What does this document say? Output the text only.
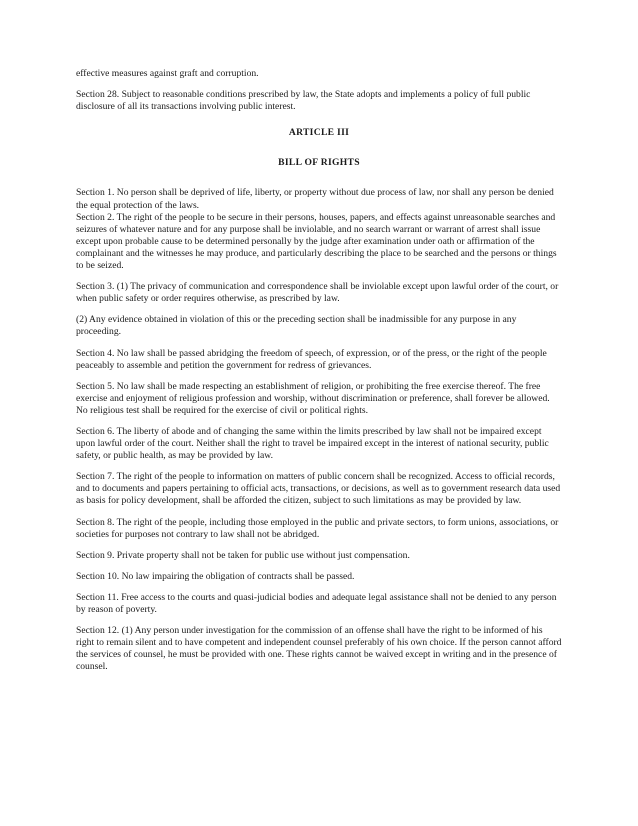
effective measures against graft and corruption.

Section 28. Subject to reasonable conditions prescribed by law, the State adopts and implements a policy of full public disclosure of all its transactions involving public interest.

ARTICLE III
BILL OF RIGHTS

Section 1. No person shall be deprived of life, liberty, or property without due process of law, nor shall any person be denied the equal protection of the laws.

Section 2. The right of the people to be secure in their persons, houses, papers, and effects against unreasonable searches and seizures of whatever nature and for any purpose shall be inviolable, and no search warrant or warrant of arrest shall issue except upon probable cause to be determined personally by the judge after examination under oath or affirmation of the complainant and the witnesses he may produce, and particularly describing the place to be searched and the persons or things to be seized.

Section 3. (1) The privacy of communication and correspondence shall be inviolable except upon lawful order of the court, or when public safety or order requires otherwise, as prescribed by law.

(2) Any evidence obtained in violation of this or the preceding section shall be inadmissible for any purpose in any proceeding.

Section 4. No law shall be passed abridging the freedom of speech, of expression, or of the press, or the right of the people peaceably to assemble and petition the government for redress of grievances.

Section 5. No law shall be made respecting an establishment of religion, or prohibiting the free exercise thereof. The free exercise and enjoyment of religious profession and worship, without discrimination or preference, shall forever be allowed. No religious test shall be required for the exercise of civil or political rights.

Section 6. The liberty of abode and of changing the same within the limits prescribed by law shall not be impaired except upon lawful order of the court. Neither shall the right to travel be impaired except in the interest of national security, public safety, or public health, as may be provided by law.

Section 7. The right of the people to information on matters of public concern shall be recognized. Access to official records, and to documents and papers pertaining to official acts, transactions, or decisions, as well as to government research data used as basis for policy development, shall be afforded the citizen, subject to such limitations as may be provided by law.

Section 8. The right of the people, including those employed in the public and private sectors, to form unions, associations, or societies for purposes not contrary to law shall not be abridged.

Section 9. Private property shall not be taken for public use without just compensation.

Section 10. No law impairing the obligation of contracts shall be passed.

Section 11. Free access to the courts and quasi-judicial bodies and adequate legal assistance shall not be denied to any person by reason of poverty.

Section 12. (1) Any person under investigation for the commission of an offense shall have the right to be informed of his right to remain silent and to have competent and independent counsel preferably of his own choice. If the person cannot afford the services of counsel, he must be provided with one. These rights cannot be waived except in writing and in the presence of counsel.
